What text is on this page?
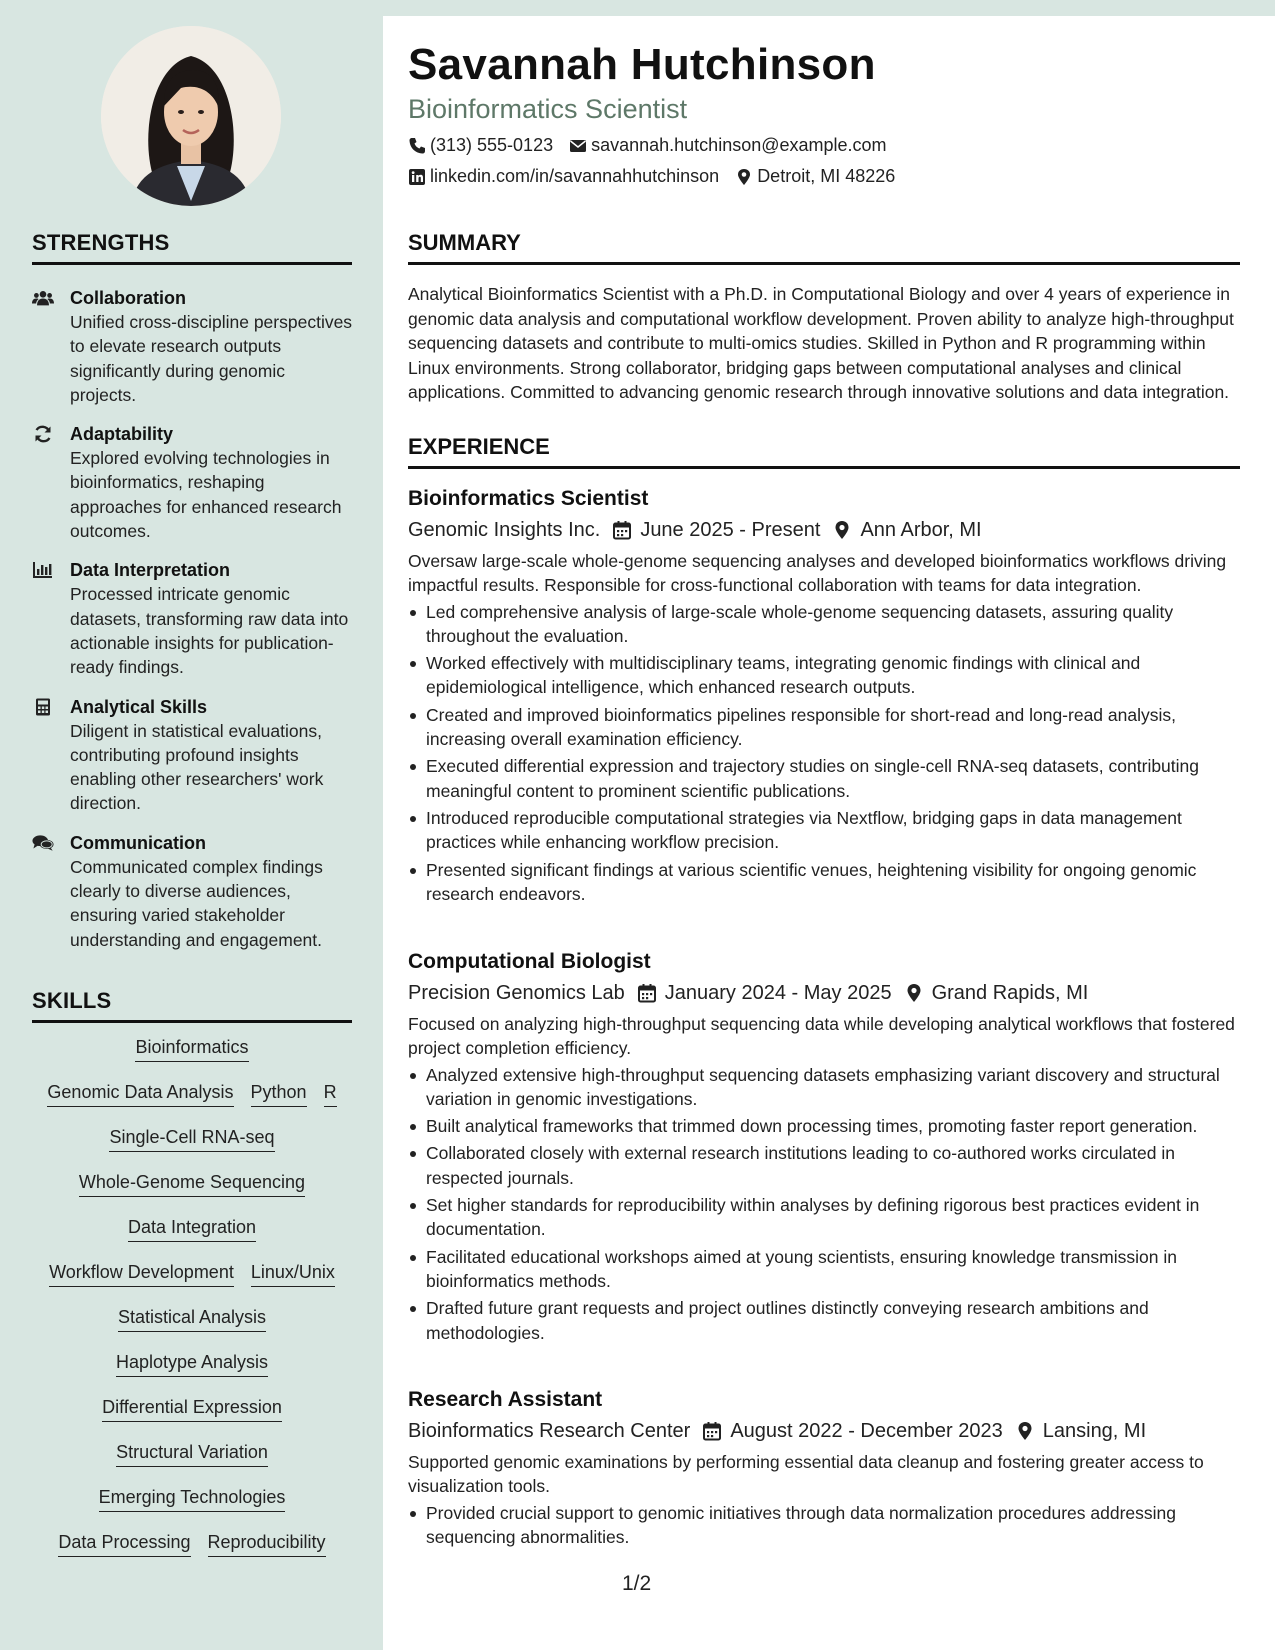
STRENGTHS
Collaboration
Unified cross-discipline perspectives to elevate research outputs significantly during genomic projects.
Adaptability
Explored evolving technologies in bioinformatics, reshaping approaches for enhanced research outcomes.
Data Interpretation
Processed intricate genomic datasets, transforming raw data into actionable insights for publication-ready findings.
Analytical Skills
Diligent in statistical evaluations, contributing profound insights enabling other researchers' work direction.
Communication
Communicated complex findings clearly to diverse audiences, ensuring varied stakeholder understanding and engagement.
SKILLS
Bioinformatics
Genomic Data Analysis Python R
Single-Cell RNA-seq
Whole-Genome Sequencing
Data Integration
Workflow Development Linux/Unix
Statistical Analysis
Haplotype Analysis
Differential Expression
Structural Variation
Emerging Technologies
Data Processing Reproducibility
Savannah Hutchinson
Bioinformatics Scientist
(313) 555-0123 savannah.hutchinson@example.com
linkedin.com/in/savannahhutchinson Detroit, MI 48226
SUMMARY
Analytical Bioinformatics Scientist with a Ph.D. in Computational Biology and over 4 years of experience in genomic data analysis and computational workflow development. Proven ability to analyze high-throughput sequencing datasets and contribute to multi-omics studies. Skilled in Python and R programming within Linux environments. Strong collaborator, bridging gaps between computational analyses and clinical applications. Committed to advancing genomic research through innovative solutions and data integration.
EXPERIENCE
Bioinformatics Scientist
Genomic Insights Inc. June 2025 - Present Ann Arbor, MI
Oversaw large-scale whole-genome sequencing analyses and developed bioinformatics workflows driving impactful results. Responsible for cross-functional collaboration with teams for data integration.
Led comprehensive analysis of large-scale whole-genome sequencing datasets, assuring quality throughout the evaluation.
Worked effectively with multidisciplinary teams, integrating genomic findings with clinical and epidemiological intelligence, which enhanced research outputs.
Created and improved bioinformatics pipelines responsible for short-read and long-read analysis, increasing overall examination efficiency.
Executed differential expression and trajectory studies on single-cell RNA-seq datasets, contributing meaningful content to prominent scientific publications.
Introduced reproducible computational strategies via Nextflow, bridging gaps in data management practices while enhancing workflow precision.
Presented significant findings at various scientific venues, heightening visibility for ongoing genomic research endeavors.
Computational Biologist
Precision Genomics Lab January 2024 - May 2025 Grand Rapids, MI
Focused on analyzing high-throughput sequencing data while developing analytical workflows that fostered project completion efficiency.
Analyzed extensive high-throughput sequencing datasets emphasizing variant discovery and structural variation in genomic investigations.
Built analytical frameworks that trimmed down processing times, promoting faster report generation.
Collaborated closely with external research institutions leading to co-authored works circulated in respected journals.
Set higher standards for reproducibility within analyses by defining rigorous best practices evident in documentation.
Facilitated educational workshops aimed at young scientists, ensuring knowledge transmission in bioinformatics methods.
Drafted future grant requests and project outlines distinctly conveying research ambitions and methodologies.
Research Assistant
Bioinformatics Research Center August 2022 - December 2023 Lansing, MI
Supported genomic examinations by performing essential data cleanup and fostering greater access to visualization tools.
Provided crucial support to genomic initiatives through data normalization procedures addressing sequencing abnormalities.
1/2
